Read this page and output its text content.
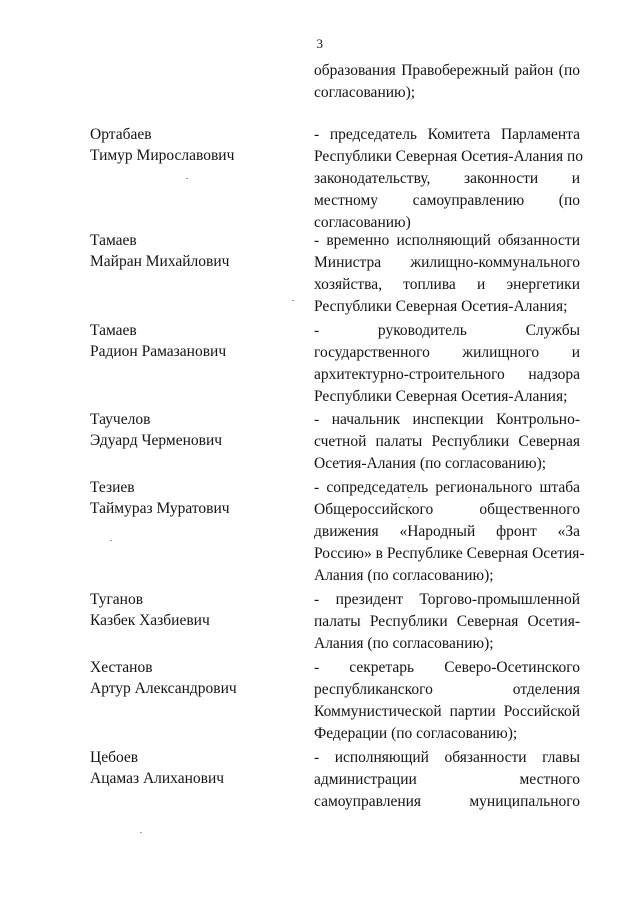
3
образования Правобережный район (по
согласованию);
Ортабаев
Тимур Мирославович
- председатель Комитета Парламента
Республики Северная Осетия-Алания по
законодательству, законности и
местному самоуправлению (по
согласованию)
Тамаев
Майран Михайлович
- временно исполняющий обязанности
Министра жилищно-коммунального
хозяйства, топлива и энергетики
Республики Северная Осетия-Алания;
Тамаев
Радион Рамазанович
- руководитель Службы
государственного жилищного и
архитектурно-строительного надзора
Республики Северная Осетия-Алания;
Таучелов
Эдуард Черменович
- начальник инспекции Контрольно-
счетной палаты Республики Северная
Осетия-Алания (по согласованию);
Тезиев
Таймураз Муратович
- сопредседатель регионального штаба
Общероссийского общественного
движения «Народный фронт «За
Россию» в Республике Северная Осетия-
Алания (по согласованию);
Туганов
Казбек Хазбиевич
- президент Торгово-промышленной
палаты Республики Северная Осетия-
Алания (по согласованию);
Хестанов
Артур Александрович
- секретарь Северо-Осетинского
республиканского отделения
Коммунистической партии Российской
Федерации (по согласованию);
Цебоев
Ацамаз Алиханович
- исполняющий обязанности главы
администрации местного
самоуправления муниципального
